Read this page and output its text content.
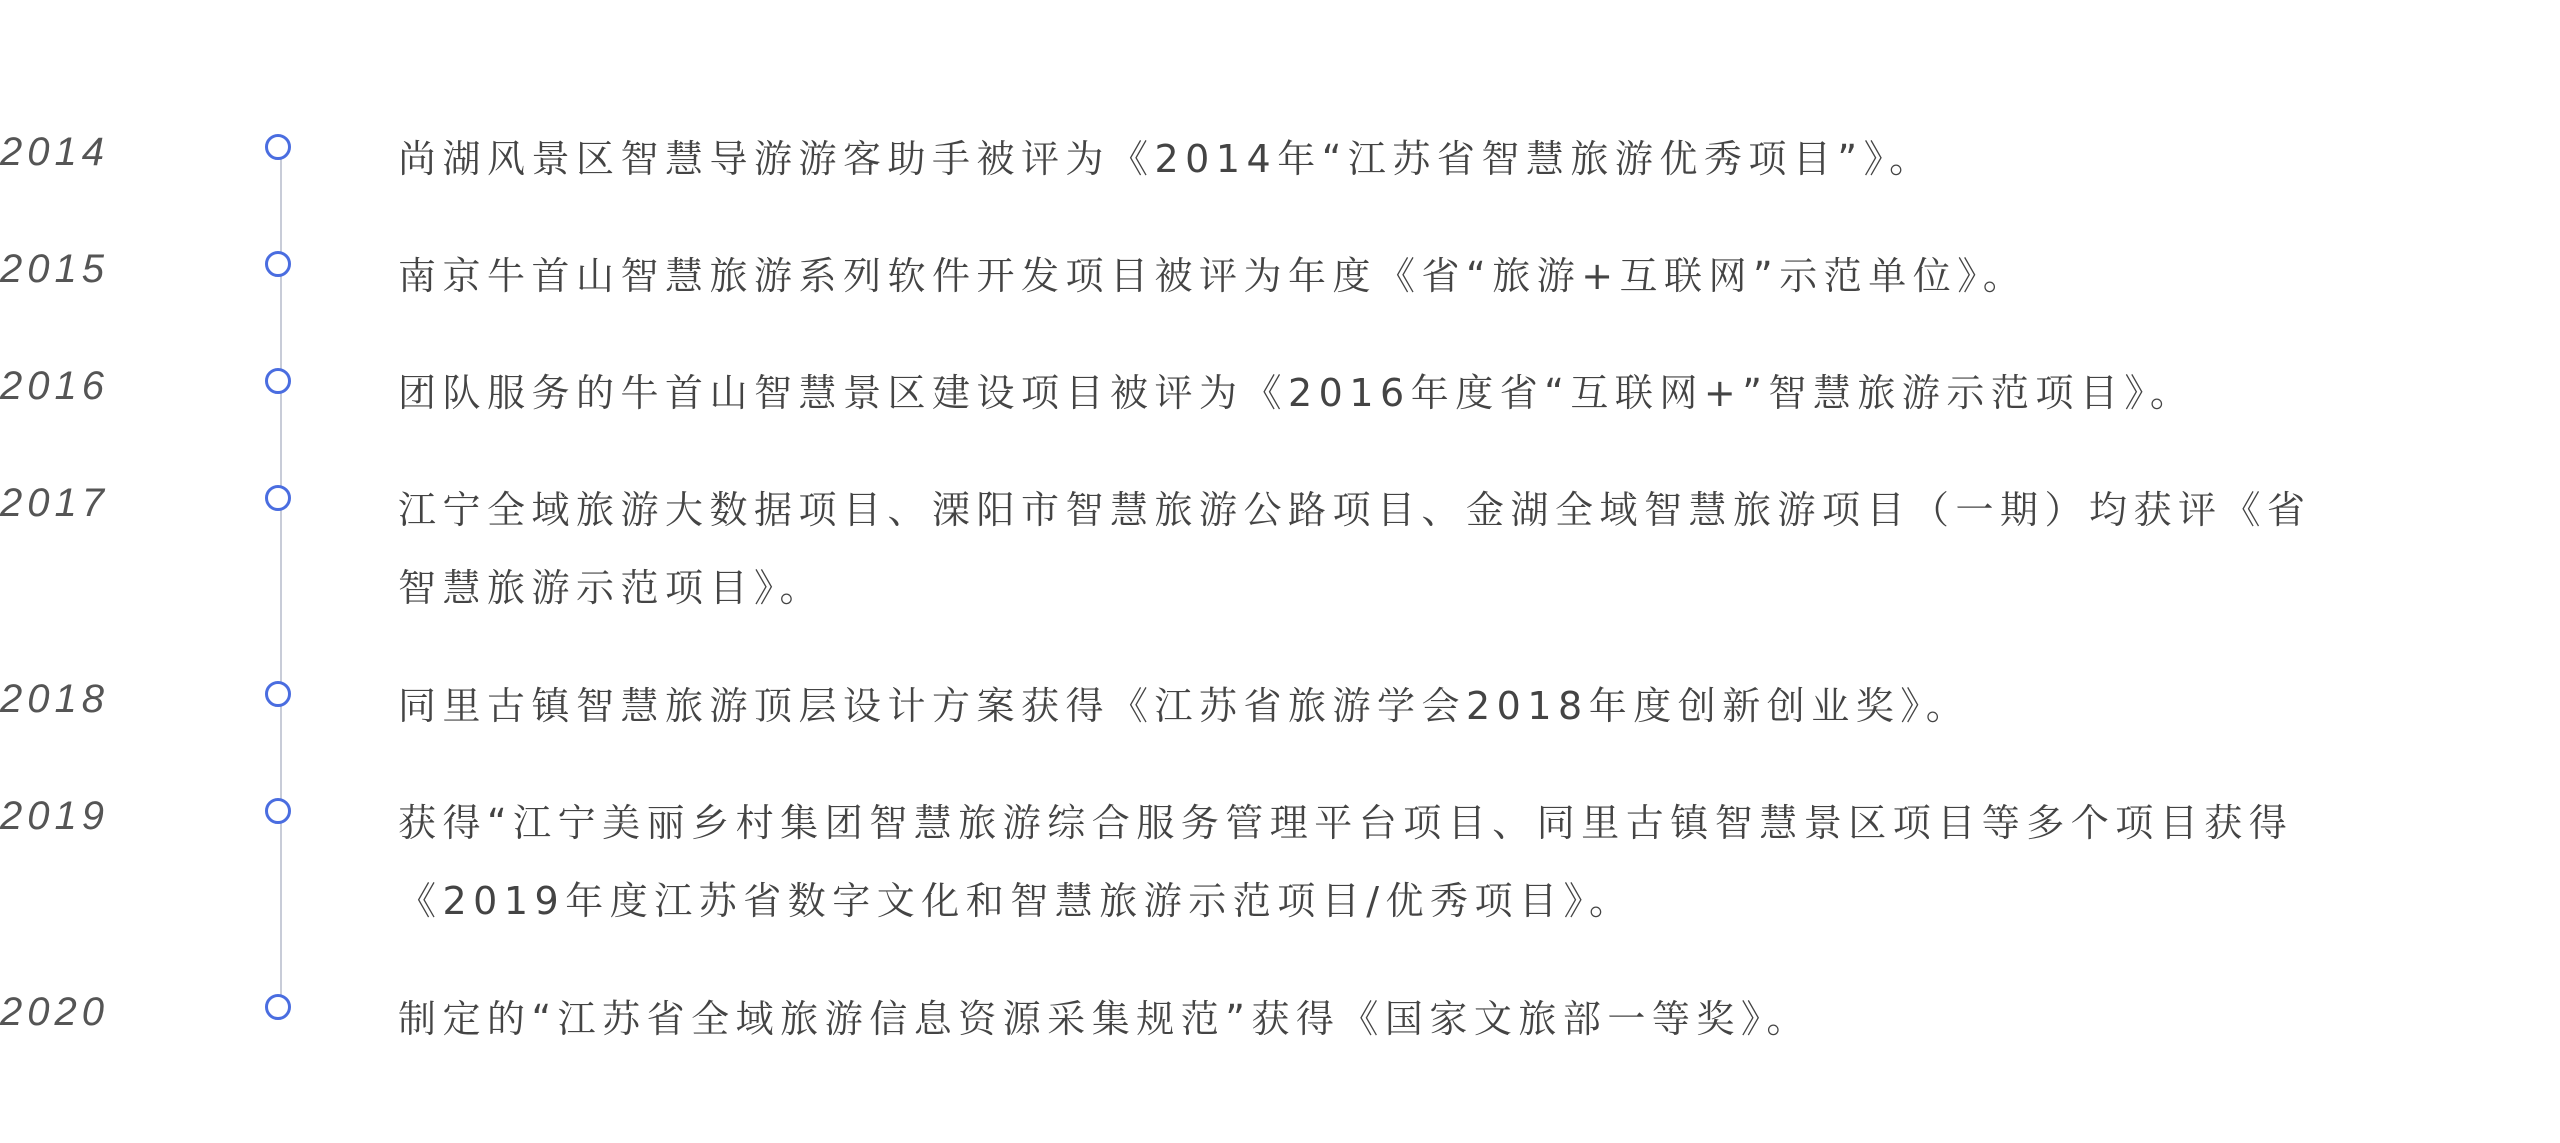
2014	尚湖风景区智慧导游游客助手被评为《2014年“江苏省智慧旅游优秀项目”》。
2015	南京牛首山智慧旅游系列软件开发项目被评为年度《省“旅游+互联网”示范单位》。
2016	团队服务的牛首山智慧景区建设项目被评为《2016年度省“互联网+”智慧旅游示范项目》。
2017	江宁全域旅游大数据项目、溧阳市智慧旅游公路项目、金湖全域智慧旅游项目（一期）均获评《省智慧旅游示范项目》。
2018	同里古镇智慧旅游顶层设计方案获得《江苏省旅游学会2018年度创新创业奖》。
2019	获得“江宁美丽乡村集团智慧旅游综合服务管理平台项目、同里古镇智慧景区项目等多个项目获得《2019年度江苏省数字文化和智慧旅游示范项目/优秀项目》。
2020	制定的“江苏省全域旅游信息资源采集规范”获得《国家文旅部一等奖》。
